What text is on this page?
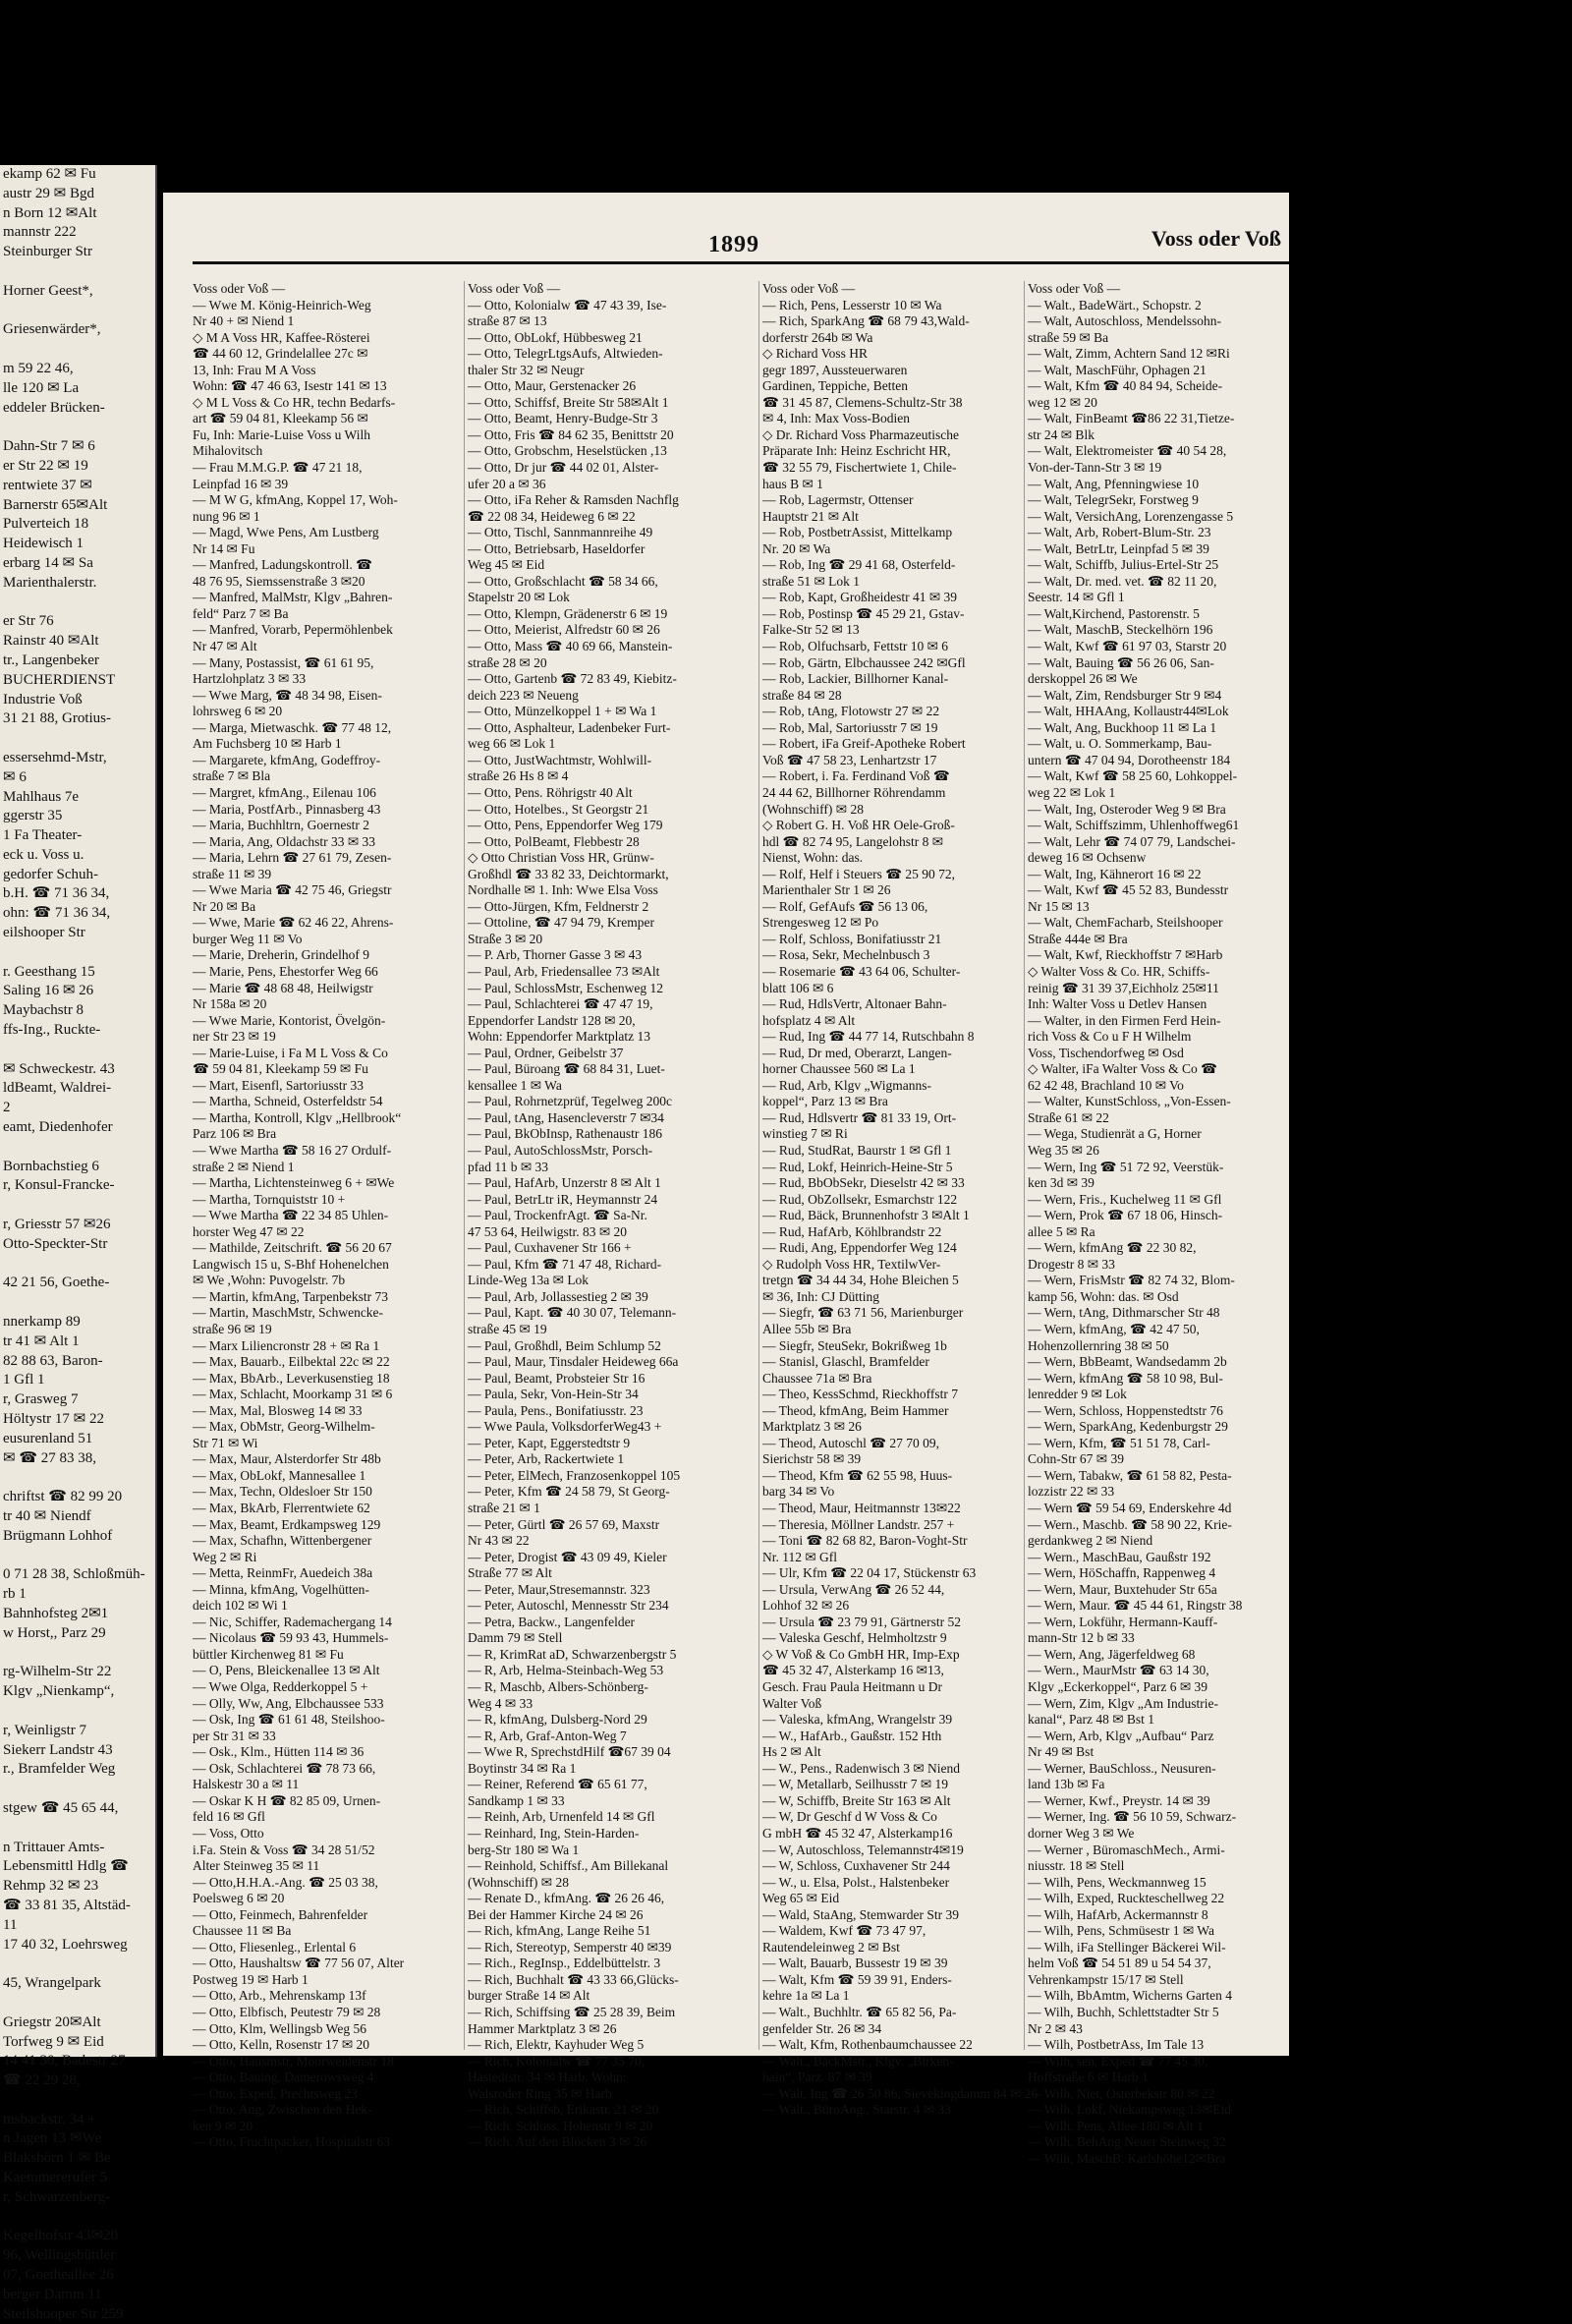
ekamp 62 ✉ Fu
austr 29 ✉ Bgd
n Born 12 ✉Alt
mannstr 222
Steinburger Str

Horner Geest*,

Griesenwärder*,

m 59 22 46,
lle 120 ✉ La
eddeler Brücken-

Dahn-Str 7 ✉ 6
er Str 22 ✉ 19
rentwiete 37 ✉
Barnerstr 65✉Alt
Pulverteich 18
Heidewisch 1
erbarg 14 ✉ Sa
Marienthalerstr.

er Str 76
Rainstr 40 ✉Alt
tr., Langenbeker
BUCHERDIENST
Industrie Voß
31 21 88, Grotius-

essersehmd-Mstr,
✉ 6
Mahlhaus 7e
ggerstr 35
1 Fa Theater-
eck u. Voss u.
gedorfer Schuh-
b.H. ☎ 71 36 34,
ohn: ☎ 71 36 34,
eilshooper Str

r. Geesthang 15
Saling 16 ✉ 26
Maybachstr 8
ffs-Ing., Ruckte-

✉ Schweckestr. 43
ldBeamt, Waldrei-
2
eamt, Diedenhofer

Bornbachstieg 6
r, Konsul-Francke-

r, Griesstr 57 ✉26
Otto-Speckter-Str

42 21 56, Goethe-

nnerkamp 89
tr 41 ✉ Alt 1
82 88 63, Baron-
1 Gfl 1
r, Grasweg 7
Höltystr 17 ✉ 22
eusurenland 51
✉ ☎ 27 83 38,

chriftst ☎ 82 99 20
tr 40 ✉ Niendf
Brügmann Lohhof

0 71 28 38, Schloßmüh-
rb 1
Bahnhofsteg 2✉1
w Horst,, Parz 29

rg-Wilhelm-Str 22
Klgv „Nienkamp“,

r, Weinligstr 7
Siekerr Landstr 43
r., Bramfelder Weg

stgew ☎ 45 65 44,

n Trittauer Amts-
Lebensmittl Hdlg ☎
Rehmp 32 ✉ 23
☎ 33 81 35, Altstäd-
11
17 40 32, Loehrsweg

45, Wrangelpark

Griegstr 20✉Alt
Torfweg 9 ✉ Eid
14 41 30, Badestr 27
☎ 22 29 28,

msbackstr. 34 +
n Jagen 13 ✉We
Blakshörn 1 ✉ Be
Kaemmererufer 5
r, Schwarzenberg-

Kegelhofstr 43✉20
96, Wellingsbüttler
07, Goetheallee 26
berger Damm 11
Steilshooper Str 259
1899	Voss oder Voß
Voss oder Voß —
— Wwe M. König-Heinrich-Weg
Nr 40 + ✉ Niend 1
◇ M A Voss HR, Kaffee-Rösterei
☎ 44 60 12, Grindelallee 27c ✉
13, Inh: Frau M A Voss
Wohn: ☎ 47 46 63, Isestr 141 ✉ 13
◇ M L Voss & Co HR, techn Bedarfs-
art ☎ 59 04 81, Kleekamp 56 ✉
Fu, Inh: Marie-Luise Voss u Wilh
Mihalovitsch
— Frau M.M.G.P. ☎ 47 21 18,
Leinpfad 16 ✉ 39
— M W G, kfmAng, Koppel 17, Woh-
nung 96 ✉ 1
— Magd, Wwe Pens, Am Lustberg
Nr 14 ✉ Fu
— Manfred, Ladungskontroll. ☎
48 76 95, Siemssenstraße 3 ✉20
— Manfred, MalMstr, Klgv „Bahren-
feld“ Parz 7 ✉ Ba
— Manfred, Vorarb, Pepermöhlenbek
Nr 47 ✉ Alt
— Many, Postassist, ☎ 61 61 95,
Hartzlohplatz 3 ✉ 33
— Wwe Marg, ☎ 48 34 98, Eisen-
lohrsweg 6 ✉ 20
— Marga, Mietwaschk. ☎ 77 48 12,
Am Fuchsberg 10 ✉ Harb 1
— Margarete, kfmAng, Godeffroy-
straße 7 ✉ Bla
— Margret, kfmAng., Eilenau 106
— Maria, PostfArb., Pinnasberg 43
— Maria, Buchhltrn, Goernestr 2
— Maria, Ang, Oldachstr 33 ✉ 33
— Maria, Lehrn ☎ 27 61 79, Zesen-
straße 11 ✉ 39
— Wwe Maria ☎ 42 75 46, Griegstr
Nr 20 ✉ Ba
— Wwe, Marie ☎ 62 46 22, Ahrens-
burger Weg 11 ✉ Vo
— Marie, Dreherin, Grindelhof 9
— Marie, Pens, Ehestorfer Weg 66
— Marie ☎ 48 68 48, Heilwigstr
Nr 158a ✉ 20
— Wwe Marie, Kontorist, Övelgön-
ner Str 23 ✉ 19
— Marie-Luise, i Fa M L Voss & Co
☎ 59 04 81, Kleekamp 59 ✉ Fu
— Mart, Eisenfl, Sartoriusstr 33
— Martha, Schneid, Osterfeldstr 54
— Martha, Kontroll, Klgv „Hellbrook“
Parz 106 ✉ Bra
— Wwe Martha ☎ 58 16 27 Ordulf-
straße 2 ✉ Niend 1
— Martha, Lichtensteinweg 6 + ✉We
— Martha, Tornquiststr 10 +
— Wwe Martha ☎ 22 34 85 Uhlen-
horster Weg 47 ✉ 22
— Mathilde, Zeitschrift. ☎ 56 20 67
Langwisch 15 u, S-Bhf Hohenelchen
✉ We ,Wohn: Puvogelstr. 7b
— Martin, kfmAng, Tarpenbekstr 73
— Martin, MaschMstr, Schwencke-
straße 96 ✉ 19
— Marx Liliencronstr 28 + ✉ Ra 1
— Max, Bauarb., Eilbektal 22c ✉ 22
— Max, BbArb., Leverkusenstieg 18
— Max, Schlacht, Moorkamp 31 ✉ 6
— Max, Mal, Blosweg 14 ✉ 33
— Max, ObMstr, Georg-Wilhelm-
Str 71 ✉ Wi
— Max, Maur, Alsterdorfer Str 48b
— Max, ObLokf, Mannesallee 1
— Max, Techn, Oldesloer Str 150
— Max, BkArb, Flerrentwiete 62
— Max, Beamt, Erdkampsweg 129
— Max, Schafhn, Wittenbergener
Weg 2 ✉ Ri
— Metta, ReinmFr, Auedeich 38a
— Minna, kfmAng, Vogelhütten-
deich 102 ✉ Wi 1
— Nic, Schiffer, Rademachergang 14
— Nicolaus ☎ 59 93 43, Hummels-
büttler Kirchenweg 81 ✉ Fu
— O, Pens, Bleickenallee 13 ✉ Alt
— Wwe Olga, Redderkoppel 5 +
— Olly, Ww, Ang, Elbchaussee 533
— Osk, Ing ☎ 61 61 48, Steilshoo-
per Str 31 ✉ 33
— Osk., Klm., Hütten 114 ✉ 36
— Osk, Schlachterei ☎ 78 73 66,
Halskestr 30 a ✉ 11
— Oskar K H ☎ 82 85 09, Urnen-
feld 16 ✉ Gfl
— Voss, Otto
i.Fa. Stein & Voss ☎ 34 28 51/52
Alter Steinweg 35 ✉ 11
— Otto,H.H.A.-Ang. ☎ 25 03 38,
Poelsweg 6 ✉ 20
— Otto, Feinmech, Bahrenfelder
Chaussee 11 ✉ Ba
— Otto, Fliesenleg., Erlental 6
— Otto, Haushaltsw ☎ 77 56 07, Alter
Postweg 19 ✉ Harb 1
— Otto, Arb., Mehrenskamp 13f
— Otto, Elbfisch, Peutestr 79 ✉ 28
— Otto, Klm, Wellingsb Weg 56
— Otto, Kelln, Rosenstr 17 ✉ 20
— Otto, Hausmstr, Moorweidenstr 18
— Otto, Bauing, Damerowsweg 4
— Otto, Exped, Prechtsweg 23
— Otto, Ang, Zwischen den Hek-
ken 9 ✉ 20
— Otto, Fruchtpacker, Hospitalstr 63
Voss oder Voß —
— Otto, Kolonialw ☎ 47 43 39, Ise-
straße 87 ✉ 13
— Otto, ObLokf, Hübbesweg 21
— Otto, TelegrLtgsAufs, Altwieden-
thaler Str 32 ✉ Neugr
— Otto, Maur, Gerstenacker 26
— Otto, Schiffsf, Breite Str 58✉Alt 1
— Otto, Beamt, Henry-Budge-Str 3
— Otto, Fris ☎ 84 62 35, Benittstr 20
— Otto, Grobschm, Heselstücken ,13
— Otto, Dr jur ☎ 44 02 01, Alster-
ufer 20 a ✉ 36
— Otto, iFa Reher & Ramsden Nachflg
☎ 22 08 34, Heideweg 6 ✉ 22
— Otto, Tischl, Sannmannreihe 49
— Otto, Betriebsarb, Haseldorfer
Weg 45 ✉ Eid
— Otto, Großschlacht ☎ 58 34 66,
Stapelstr 20 ✉ Lok
— Otto, Klempn, Grädenerstr 6 ✉ 19
— Otto, Meierist, Alfredstr 60 ✉ 26
— Otto, Mass ☎ 40 69 66, Manstein-
straße 28 ✉ 20
— Otto, Gartenb ☎ 72 83 49, Kiebitz-
deich 223 ✉ Neueng
— Otto, Münzelkoppel 1 + ✉ Wa 1
— Otto, Asphalteur, Ladenbeker Furt-
weg 66 ✉ Lok 1
— Otto, JustWachtmstr, Wohlwill-
straße 26 Hs 8 ✉ 4
— Otto, Pens. Röhrigstr 40 Alt
— Otto, Hotelbes., St Georgstr 21
— Otto, Pens, Eppendorfer Weg 179
— Otto, PolBeamt, Flebbestr 28
◇ Otto Christian Voss HR, Grünw-
Großhdl ☎ 33 82 33, Deichtormarkt,
Nordhalle ✉ 1. Inh: Wwe Elsa Voss
— Otto-Jürgen, Kfm, Feldnerstr 2
— Ottoline, ☎ 47 94 79, Kremper
Straße 3 ✉ 20
— P. Arb, Thorner Gasse 3 ✉ 43
— Paul, Arb, Friedensallee 73 ✉Alt
— Paul, SchlossMstr, Eschenweg 12
— Paul, Schlachterei ☎ 47 47 19,
Eppendorfer Landstr 128 ✉ 20,
Wohn: Eppendorfer Marktplatz 13
— Paul, Ordner, Geibelstr 37
— Paul, Büroang ☎ 68 84 31, Luet-
kensallee 1 ✉ Wa
— Paul, Rohrnetzprüf, Tegelweg 200c
— Paul, tAng, Hasencleverstr 7 ✉34
— Paul, BkObInsp, Rathenaustr 186
— Paul, AutoSchlossMstr, Porsch-
pfad 11 b ✉ 33
— Paul, HafArb, Unzerstr 8 ✉ Alt 1
— Paul, BetrLtr iR, Heymannstr 24
— Paul, TrockenfrAgt. ☎ Sa-Nr.
47 53 64, Heilwigstr. 83 ✉ 20
— Paul, Cuxhavener Str 166 +
— Paul, Kfm ☎ 71 47 48, Richard-
Linde-Weg 13a ✉ Lok
— Paul, Arb, Jollassestieg 2 ✉ 39
— Paul, Kapt. ☎ 40 30 07, Telemann-
straße 45 ✉ 19
— Paul, Großhdl, Beim Schlump 52
— Paul, Maur, Tinsdaler Heideweg 66a
— Paul, Beamt, Probsteier Str 16
— Paula, Sekr, Von-Hein-Str 34
— Paula, Pens., Bonifatiusstr. 23
— Wwe Paula, VolksdorferWeg43 +
— Peter, Kapt, Eggerstedtstr 9
— Peter, Arb, Rackertwiete 1
— Peter, ElMech, Franzosenkoppel 105
— Peter, Kfm ☎ 24 58 79, St Georg-
straße 21 ✉ 1
— Peter, Gürtl ☎ 26 57 69, Maxstr
Nr 43 ✉ 22
— Peter, Drogist ☎ 43 09 49, Kieler
Straße 77 ✉ Alt
— Peter, Maur,Stresemannstr. 323
— Peter, Autoschl, Mennesstr Str 234
— Petra, Backw., Langenfelder
Damm 79 ✉ Stell
— R, KrimRat aD, Schwarzenbergstr 5
— R, Arb, Helma-Steinbach-Weg 53
— R, Maschb, Albers-Schönberg-
Weg 4 ✉ 33
— R, kfmAng, Dulsberg-Nord 29
— R, Arb, Graf-Anton-Weg 7
— Wwe R, SprechstdHilf ☎67 39 04
Boytinstr 34 ✉ Ra 1
— Reiner, Referend ☎ 65 61 77,
Sandkamp 1 ✉ 33
— Reinh, Arb, Urnenfeld 14 ✉ Gfl
— Reinhard, Ing, Stein-Harden-
berg-Str 180 ✉ Wa 1
— Reinhold, Schiffsf., Am Billekanal
(Wohnschiff) ✉ 28
— Renate D., kfmAng. ☎ 26 26 46,
Bei der Hammer Kirche 24 ✉ 26
— Rich, kfmAng, Lange Reihe 51
— Rich, Stereotyp, Semperstr 40 ✉39
— Rich., RegInsp., Eddelbüttelstr. 3
— Rich, Buchhalt ☎ 43 33 66,Glücks-
burger Straße 14 ✉ Alt
— Rich, Schiffsing ☎ 25 28 39, Beim
Hammer Marktplatz 3 ✉ 26
— Rich, Elektr, Kayhuder Weg 5
— Rich, Kolonialw ☎ 77 35 70,
Hastedtstr. 34 ✉ Harb. Wohn:
Walsroder Ring 35 ✉ Harb
— Rich, Schiffsb, Erikastr. 21 ✉ 20
— Rich, Schloss, Hohenstr 9 ✉ 20
— Rich, Auf den Blöcken 3 ✉ 26
Voss oder Voß —
— Rich, Pens, Lesserstr 10 ✉ Wa
— Rich, SparkAng ☎ 68 79 43,Wald-
dorferstr 264b ✉ Wa
◇ Richard Voss HR
gegr 1897, Aussteuerwaren
Gardinen, Teppiche, Betten
☎ 31 45 87, Clemens-Schultz-Str 38
✉ 4, Inh: Max Voss-Bodien
◇ Dr. Richard Voss Pharmazeutische
Präparate Inh: Heinz Eschricht HR,
☎ 32 55 79, Fischertwiete 1, Chile-
haus B ✉ 1
— Rob, Lagermstr, Ottenser
Hauptstr 21 ✉ Alt
— Rob, PostbetrAssist, Mittelkamp
Nr. 20 ✉ Wa
— Rob, Ing ☎ 29 41 68, Osterfeld-
straße 51 ✉ Lok 1
— Rob, Kapt, Großheidestr 41 ✉ 39
— Rob, Postinsp ☎ 45 29 21, Gstav-
Falke-Str 52 ✉ 13
— Rob, Olfuchsarb, Fettstr 10 ✉ 6
— Rob, Gärtn, Elbchaussee 242 ✉Gfl
— Rob, Lackier, Billhorner Kanal-
straße 84 ✉ 28
— Rob, tAng, Flotowstr 27 ✉ 22
— Rob, Mal, Sartoriusstr 7 ✉ 19
— Robert, iFa Greif-Apotheke Robert
Voß ☎ 47 58 23, Lenhartzstr 17
— Robert, i. Fa. Ferdinand Voß ☎
24 44 62, Billhorner Röhrendamm
(Wohnschiff) ✉ 28
◇ Robert G. H. Voß HR Oele-Groß-
hdl ☎ 82 74 95, Langelohstr 8 ✉
Nienst, Wohn: das.
— Rolf, Helf i Steuers ☎ 25 90 72,
Marienthaler Str 1 ✉ 26
— Rolf, GefAufs ☎ 56 13 06,
Strengesweg 12 ✉ Po
— Rolf, Schloss, Bonifatiusstr 21
— Rosa, Sekr, Mechelnbusch 3
— Rosemarie ☎ 43 64 06, Schulter-
blatt 106 ✉ 6
— Rud, HdlsVertr, Altonaer Bahn-
hofsplatz 4 ✉ Alt
— Rud, Ing ☎ 44 77 14, Rutschbahn 8
— Rud, Dr med, Oberarzt, Langen-
horner Chaussee 560 ✉ La 1
— Rud, Arb, Klgv „Wigmanns-
koppel“, Parz 13 ✉ Bra
— Rud, Hdlsvertr ☎ 81 33 19, Ort-
winstieg 7 ✉ Ri
— Rud, StudRat, Baurstr 1 ✉ Gfl 1
— Rud, Lokf, Heinrich-Heine-Str 5
— Rud, BbObSekr, Dieselstr 42 ✉ 33
— Rud, ObZollsekr, Esmarchstr 122
— Rud, Bäck, Brunnenhofstr 3 ✉Alt 1
— Rud, HafArb, Köhlbrandstr 22
— Rudi, Ang, Eppendorfer Weg 124
◇ Rudolph Voss HR, TextilwVer-
tretgn ☎ 34 44 34, Hohe Bleichen 5
✉ 36, Inh: CJ Dütting
— Siegfr, ☎ 63 71 56, Marienburger
Allee 55b ✉ Bra
— Siegfr, SteuSekr, Bokrißweg 1b
— Stanisl, Glaschl, Bramfelder
Chaussee 71a ✉ Bra
— Theo, KessSchmd, Rieckhoffstr 7
— Theod, kfmAng, Beim Hammer
Marktplatz 3 ✉ 26
— Theod, Autoschl ☎ 27 70 09,
Sierichstr 58 ✉ 39
— Theod, Kfm ☎ 62 55 98, Huus-
barg 34 ✉ Vo
— Theod, Maur, Heitmannstr 13✉22
— Theresia, Möllner Landstr. 257 +
— Toni ☎ 82 68 82, Baron-Voght-Str
Nr. 112 ✉ Gfl
— Ulr, Kfm ☎ 22 04 17, Stückenstr 63
— Ursula, VerwAng ☎ 26 52 44,
Lohhof 32 ✉ 26
— Ursula ☎ 23 79 91, Gärtnerstr 52
— Valeska Geschf, Helmholtzstr 9
◇ W Voß & Co GmbH HR, Imp-Exp
☎ 45 32 47, Alsterkamp 16 ✉13,
Gesch. Frau Paula Heitmann u Dr
Walter Voß
— Valeska, kfmAng, Wrangelstr 39
— W., HafArb., Gaußstr. 152 Hth
Hs 2 ✉ Alt
— W., Pens., Radenwisch 3 ✉ Niend
— W, Metallarb, Seilhusstr 7 ✉ 19
— W, Schiffb, Breite Str 163 ✉ Alt
— W, Dr Geschf d W Voss & Co
G mbH ☎ 45 32 47, Alsterkamp16
— W, Autoschloss, Telemannstr4✉19
— W, Schloss, Cuxhavener Str 244
— W., u. Elsa, Polst., Halstenbeker
Weg 65 ✉ Eid
— Wald, StaAng, Stemwarder Str 39
— Waldem, Kwf ☎ 73 47 97,
Rautendeleinweg 2 ✉ Bst
— Walt, Bauarb, Bussestr 19 ✉ 39
— Walt, Kfm ☎ 59 39 91, Enders-
kehre 1a ✉ La 1
— Walt., Buchhltr. ☎ 65 82 56, Pa-
genfelder Str. 26 ✉ 34
— Walt, Kfm, Rothenbaumchaussee 22
— Walt., BäckMstr., Klgv. „Birken-
hain“, Parz. 87 ✉ 39
— Walt, Ing ☎ 26 50 86, Sievekingdamm 84 ✉ 26
— Walt., BüroAng., Starstr. 4 ✉ 33
Voss oder Voß —
— Walt., BadeWärt., Schopstr. 2
— Walt, Autoschloss, Mendelssohn-
straße 59 ✉ Ba
— Walt, Zimm, Achtern Sand 12 ✉Ri
— Walt, MaschFühr, Ophagen 21
— Walt, Kfm ☎ 40 84 94, Scheide-
weg 12 ✉ 20
— Walt, FinBeamt ☎86 22 31,Tietze-
str 24 ✉ Blk
— Walt, Elektromeister ☎ 40 54 28,
Von-der-Tann-Str 3 ✉ 19
— Walt, Ang, Pfenningwiese 10
— Walt, TelegrSekr, Forstweg 9
— Walt, VersichAng, Lorenzengasse 5
— Walt, Arb, Robert-Blum-Str. 23
— Walt, BetrLtr, Leinpfad 5 ✉ 39
— Walt, Schiffb, Julius-Ertel-Str 25
— Walt, Dr. med. vet. ☎ 82 11 20,
Seestr. 14 ✉ Gfl 1
— Walt,Kirchend, Pastorenstr. 5
— Walt, MaschB, Steckelhörn 196
— Walt, Kwf ☎ 61 97 03, Starstr 20
— Walt, Bauing ☎ 56 26 06, San-
derskoppel 26 ✉ We
— Walt, Zim, Rendsburger Str 9 ✉4
— Walt, HHAAng, Kollaustr44✉Lok
— Walt, Ang, Buckhoop 11 ✉ La 1
— Walt, u. O. Sommerkamp, Bau-
untern ☎ 47 04 94, Dorotheenstr 184
— Walt, Kwf ☎ 58 25 60, Lohkoppel-
weg 22 ✉ Lok 1
— Walt, Ing, Osteroder Weg 9 ✉ Bra
— Walt, Schiffszimm, Uhlenhoffweg61
— Walt, Lehr ☎ 74 07 79, Landschei-
deweg 16 ✉ Ochsenw
— Walt, Ing, Kähnerort 16 ✉ 22
— Walt, Kwf ☎ 45 52 83, Bundesstr
Nr 15 ✉ 13
— Walt, ChemFacharb, Steilshooper
Straße 444e ✉ Bra
— Walt, Kwf, Rieckhoffstr 7 ✉Harb
◇ Walter Voss & Co. HR, Schiffs-
reinig ☎ 31 39 37,Eichholz 25✉11
Inh: Walter Voss u Detlev Hansen
— Walter, in den Firmen Ferd Hein-
rich Voss & Co u F H Wilhelm
Voss, Tischendorfweg ✉ Osd
◇ Walter, iFa Walter Voss & Co ☎
62 42 48, Brachland 10 ✉ Vo
— Walter, KunstSchloss, „Von-Essen-
Straße 61 ✉ 22
— Wega, Studienrät a G, Horner
Weg 35 ✉ 26
— Wern, Ing ☎ 51 72 92, Veerstük-
ken 3d ✉ 39
— Wern, Fris., Kuchelweg 11 ✉ Gfl
— Wern, Prok ☎ 67 18 06, Hinsch-
allee 5 ✉ Ra
— Wern, kfmAng ☎ 22 30 82,
Drogestr 8 ✉ 33
— Wern, FrisMstr ☎ 82 74 32, Blom-
kamp 56, Wohn: das. ✉ Osd
— Wern, tAng, Dithmarscher Str 48
— Wern, kfmAng, ☎ 42 47 50,
Hohenzollernring 38 ✉ 50
— Wern, BbBeamt, Wandsedamm 2b
— Wern, kfmAng ☎ 58 10 98, Bul-
lenredder 9 ✉ Lok
— Wern, Schloss, Hoppenstedtstr 76
— Wern, SparkAng, Kedenburgstr 29
— Wern, Kfm, ☎ 51 51 78, Carl-
Cohn-Str 67 ✉ 39
— Wern, Tabakw, ☎ 61 58 82, Pesta-
lozzistr 22 ✉ 33
— Wern ☎ 59 54 69, Enderskehre 4d
— Wern., Maschb. ☎ 58 90 22, Krie-
gerdankweg 2 ✉ Niend
— Wern., MaschBau, Gaußstr 192
— Wern, HöSchaffn, Rappenweg 4
— Wern, Maur, Buxtehuder Str 65a
— Wern, Maur. ☎ 45 44 61, Ringstr 38
— Wern, Lokführ, Hermann-Kauff-
mann-Str 12 b ✉ 33
— Wern, Ang, Jägerfeldweg 68
— Wern., MaurMstr ☎ 63 14 30,
Klgv „Eckerkoppel“, Parz 6 ✉ 39
— Wern, Zim, Klgv „Am Industrie-
kanal“, Parz 48 ✉ Bst 1
— Wern, Arb, Klgv „Aufbau“ Parz
Nr 49 ✉ Bst
— Werner, BauSchloss., Neusuren-
land 13b ✉ Fa
— Werner, Kwf., Preystr. 14 ✉ 39
— Werner, Ing. ☎ 56 10 59, Schwarz-
dorner Weg 3 ✉ We
— Werner , BüromaschMech., Armi-
niusstr. 18 ✉ Stell
— Wilh, Pens, Weckmannweg 15
— Wilh, Exped, Ruckteschellweg 22
— Wilh, HafArb, Ackermannstr 8
— Wilh, Pens, Schmüsestr 1 ✉ Wa
— Wilh, iFa Stellinger Bäckerei Wil-
helm Voß ☎ 54 51 89 u 54 54 37,
Vehrenkampstr 15/17 ✉ Stell
— Wilh, BbAmtm, Wicherns Garten 4
— Wilh, Buchh, Schlettstadter Str 5
Nr 2 ✉ 43
— Wilh, PostbetrAss, Im Tale 13
— Wilh, sen, Exped ☎ 77 45 30,
Hoffstraße 6 ✉ Harb 1
— Wilh, Niet, Osterbekstr 80 ✉ 22
— Wilh, Lokf, Niekampsweg 13✉Eid
— Wilh, Pens, Allee 180 ✉ Alt 1
— Wilh, BehAng Neuer Steinweg 32
— Wilh, MaschB, Karlshöhe12✉Bra
